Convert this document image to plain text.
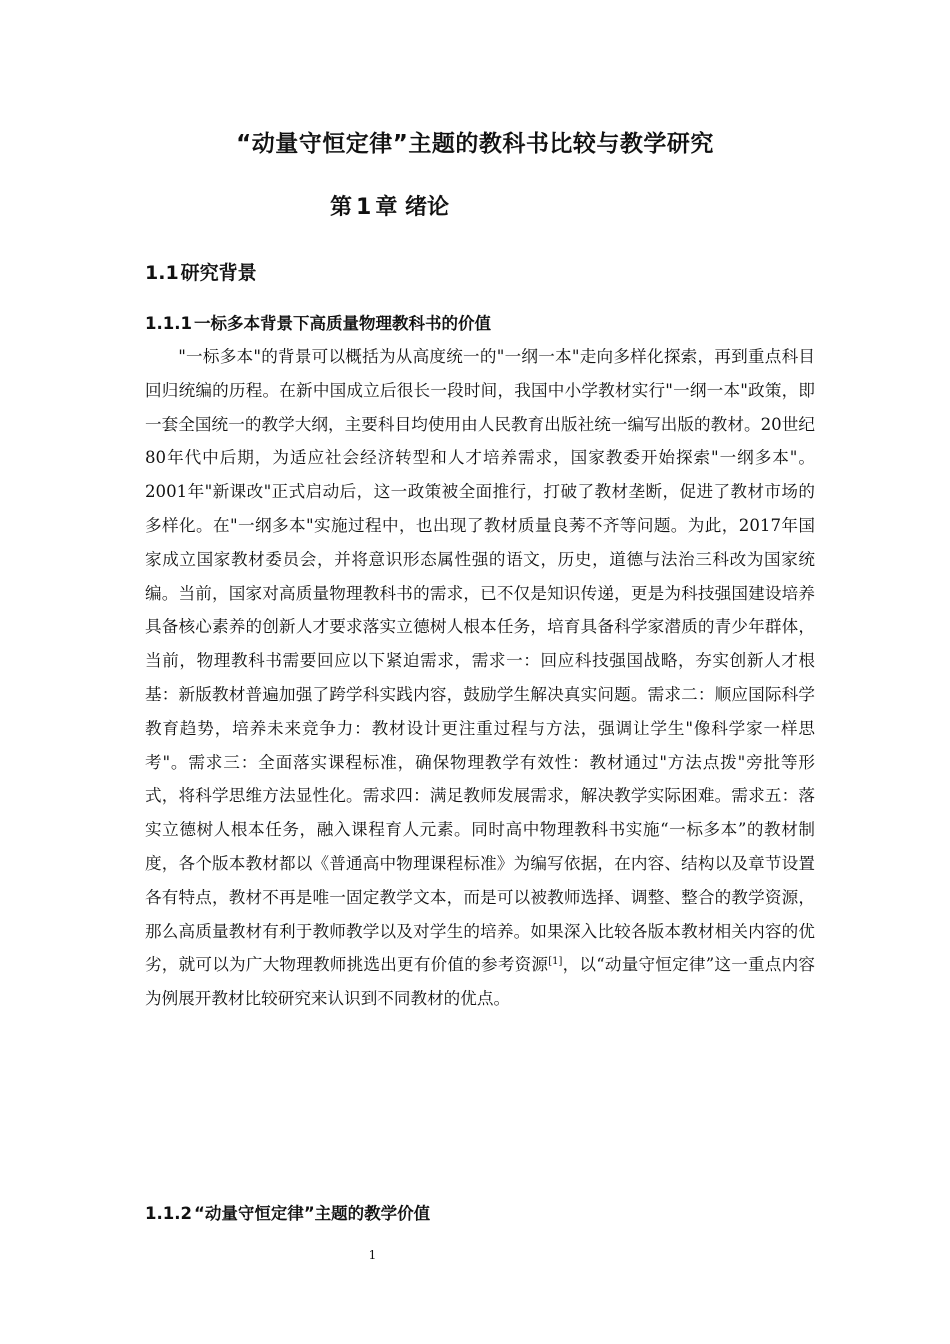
“动量守恒定律”主题的教科书比较与教学研究
第 1 章 绪论
1.1 研究背景
1.1.1 一标多本背景下高质量物理教科书的价值

"一标多本"的背景可以概括为从高度统一的"一纲一本"走向多样化探索，再到重点科目回归统编的历程。在新中国成立后很长一段时间，我国中小学教材实行"一纲一本"政策，即一套全国统一的教学大纲，主要科目均使用由人民教育出版社统一编写出版的教材。20世纪80年代中后期，为适应社会经济转型和人才培养需求，国家教委开始探索"一纲多本"。2001年"新课改"正式启动后，这一政策被全面推行，打破了教材垄断，促进了教材市场的多样化。在"一纲多本"实施过程中，也出现了教材质量良莠不齐等问题。为此，2017年国家成立国家教材委员会，并将意识形态属性强的语文，历史，道德与法治三科改为国家统编。当前，国家对高质量物理教科书的需求，已不仅是知识传递，更是为科技强国建设培养具备核心素养的创新人才要求落实立德树人根本任务，培育具备科学家潜质的青少年群体，当前，物理教科书需要回应以下紧迫需求，需求一：回应科技强国战略，夯实创新人才根基：新版教材普遍加强了跨学科实践内容，鼓励学生解决真实问题。需求二：顺应国际科学教育趋势，培养未来竞争力：教材设计更注重过程与方法，强调让学生"像科学家一样思考"。需求三：全面落实课程标准，确保物理教学有效性：教材通过"方法点拨"旁批等形式，将科学思维方法显性化。需求四：满足教师发展需求，解决教学实际困难。需求五：落实立德树人根本任务，融入课程育人元素。同时高中物理教科书实施“一标多本”的教材制度，各个版本教材都以《普通高中物理课程标准》为编写依据，在内容、结构以及章节设置各有特点，教材不再是唯一固定教学文本，而是可以被教师选择、调整、整合的教学资源，那么高质量教材有利于教师教学以及对学生的培养。如果深入比较各版本教材相关内容的优劣，就可以为广大物理教师挑选出更有价值的参考资源[1]，以“动量守恒定律”这一重点内容为例展开教材比较研究来认识到不同教材的优点。

1.1.2 “动量守恒定律”主题的教学价值
1
